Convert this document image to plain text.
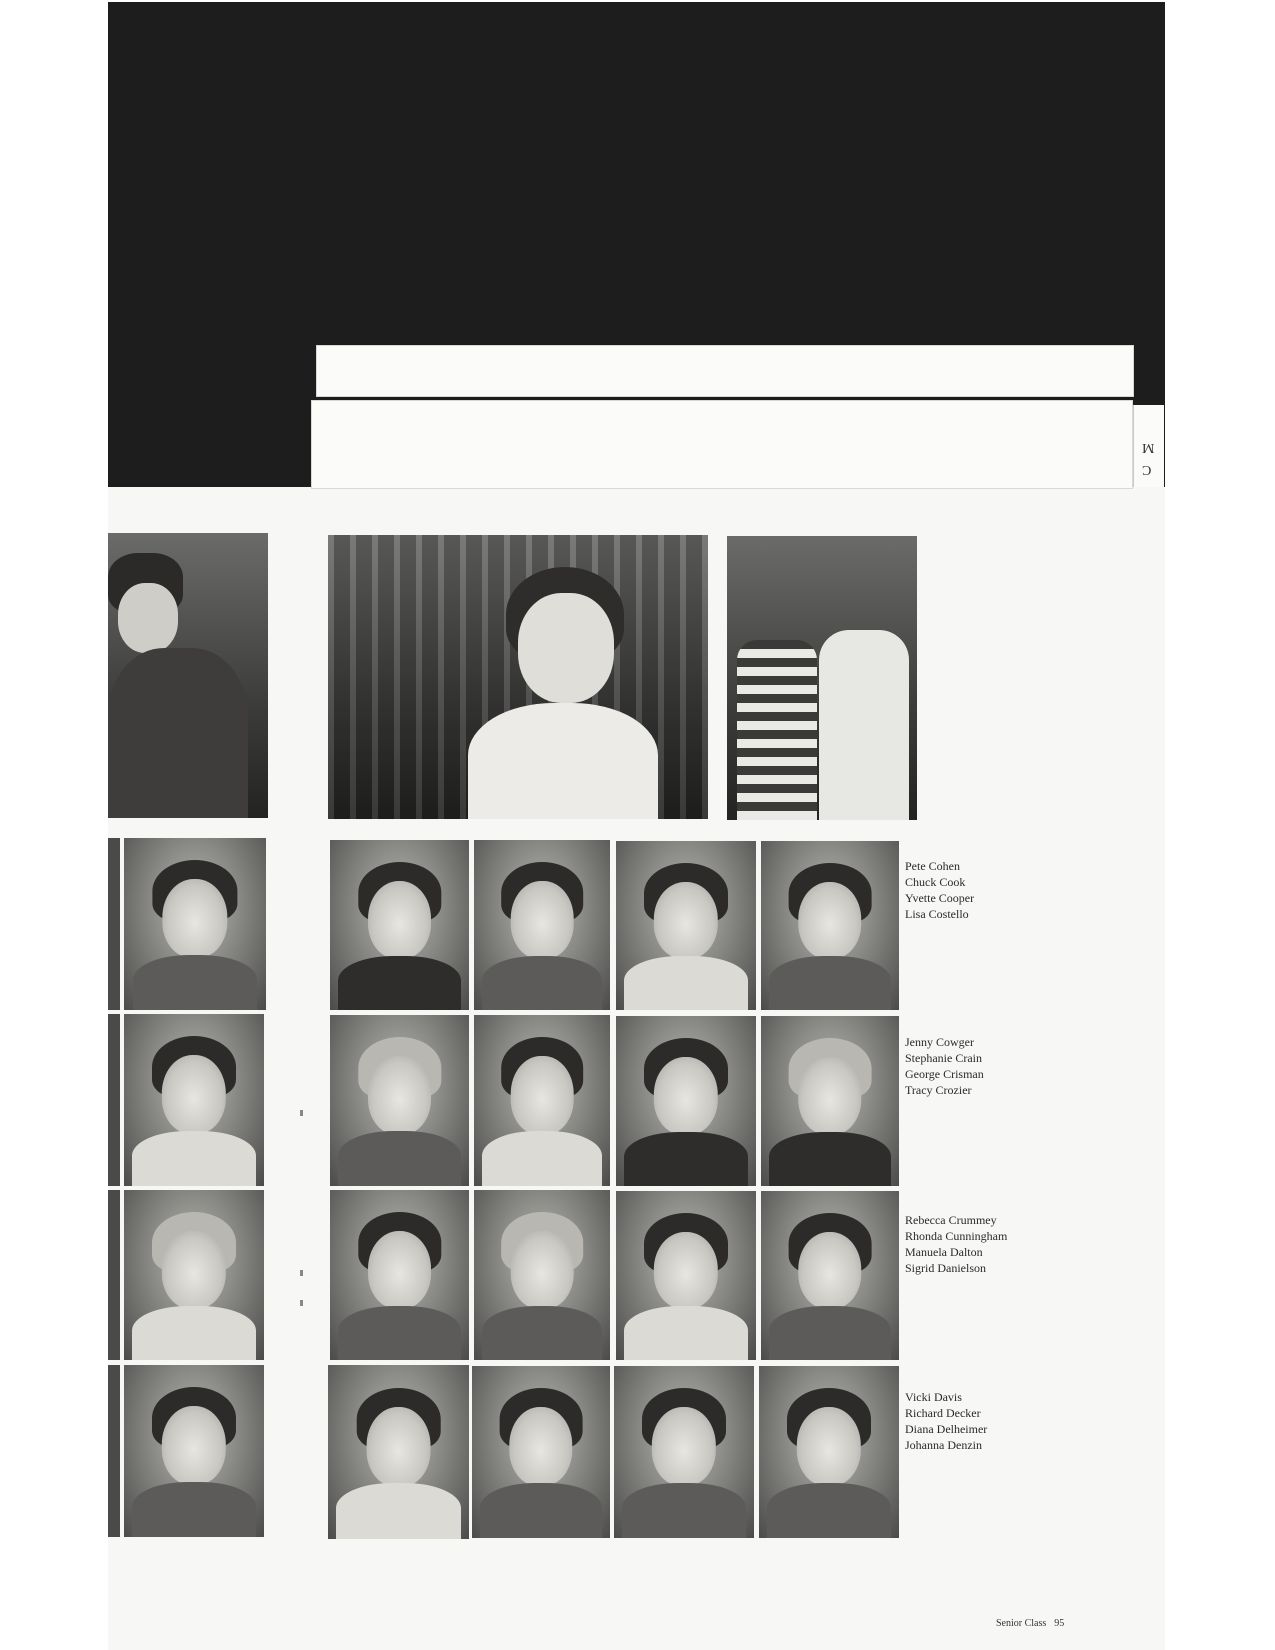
M
C
Pete Cohen
Chuck Cook
Yvette Cooper
Lisa Costello
Jenny Cowger
Stephanie Crain
George Crisman
Tracy Crozier
Rebecca Crummey
Rhonda Cunningham
Manuela Dalton
Sigrid Danielson
Vicki Davis
Richard Decker
Diana Delheimer
Johanna Denzin
Senior Class 95
